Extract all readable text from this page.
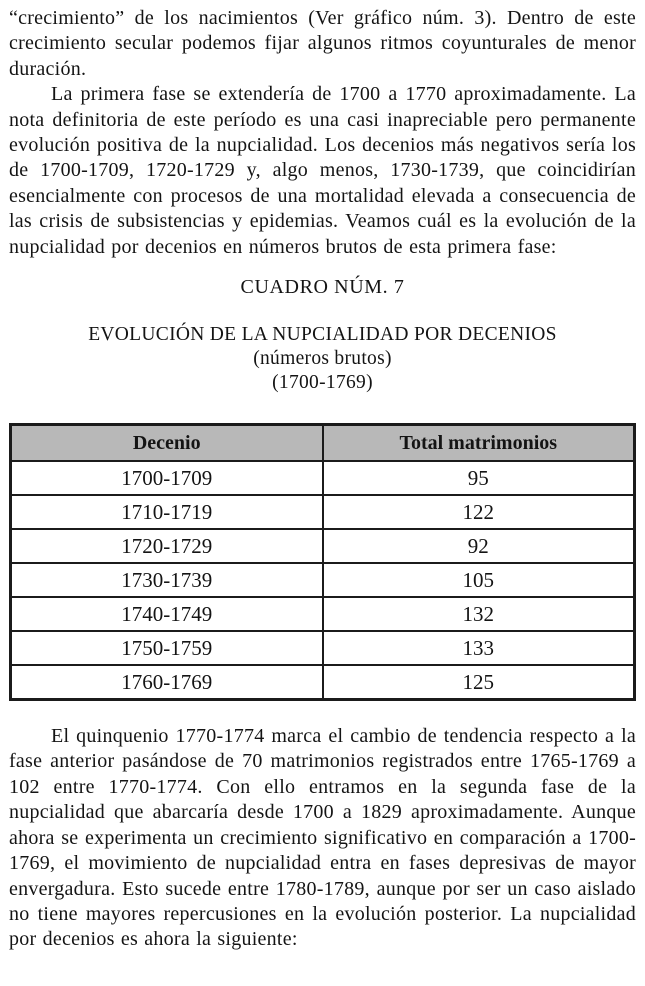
“crecimiento” de los nacimientos (Ver gráfico núm. 3). Dentro de este crecimiento secular podemos fijar algunos ritmos coyunturales de menor duración.

La primera fase se extendería de 1700 a 1770 aproximadamente. La nota definitoria de este período es una casi inapreciable pero permanente evolución positiva de la nupcialidad. Los decenios más negativos sería los de 1700-1709, 1720-1729 y, algo menos, 1730-1739, que coincidirían esencialmente con procesos de una mortalidad elevada a consecuencia de las crisis de subsistencias y epidemias. Veamos cuál es la evolución de la nupcialidad por decenios en números brutos de esta primera fase:

CUADRO NÚM. 7
EVOLUCIÓN DE LA NUPCIALIDAD POR DECENIOS
(números brutos)
(1700-1769)
Decenio	Total matrimonios
1700-1709	95
1710-1719	122
1720-1729	92
1730-1739	105
1740-1749	132
1750-1759	133
1760-1769	125

El quinquenio 1770-1774 marca el cambio de tendencia respecto a la fase anterior pasándose de 70 matrimonios registrados entre 1765-1769 a 102 entre 1770-1774. Con ello entramos en la segunda fase de la nupcialidad que abarcaría desde 1700 a 1829 aproximadamente. Aunque ahora se experimenta un crecimiento significativo en comparación a 1700-1769, el movimiento de nupcialidad entra en fases depresivas de mayor envergadura. Esto sucede entre 1780-1789, aunque por ser un caso aislado no tiene mayores repercusiones en la evolución posterior. La nupcialidad por decenios es ahora la siguiente:
